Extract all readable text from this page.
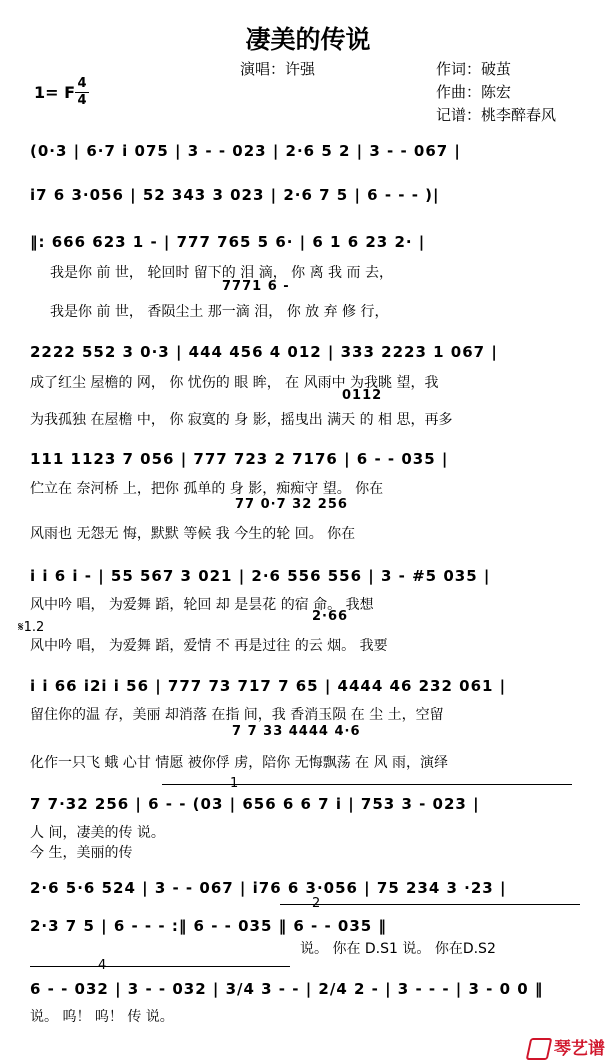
凄美的传说
演唱：许强	作词：破茧
作曲：陈宏
记谱：桃李醉春风
1= F 4
4
(0·3 | 6·7 i 075 | 3 - - 023 | 2·6 5 2 | 3 - - 067 |
i7 6 3·056 | 52 343 3 023 | 2·6 7 5 | 6 - - - )|
‖: 666 623 1 - | 777 765 5 6· | 6 1 6 23 2· |
我是你 前 世， 轮回时 留下的 泪 滴， 你 离 我 而 去，
7771 6 -
我是你 前 世， 香陨尘土 那一滴 泪， 你 放 弃 修 行，
2222 552 3 0·3 | 444 456 4 012 | 333 2223 1 067 |
成了红尘 屋檐的 网， 你 忧伤的 眼 眸， 在 风雨中 为我眺 望，我
0112
为我孤独 在屋檐 中， 你 寂寞的 身 影，摇曳出 满天 的 相 思，再多
111 1123 7 056 | 777 723 2 7176 | 6 - - 035 |
伫立在 奈河桥 上，把你 孤单的 身 影，痴痴守 望。 你在
77 0·7 32 256
风雨也 无怨无 悔，默默 等候 我 今生的轮 回。 你在
i i 6 i - | 55 567 3 021 | 2·6 556 556 | 3 - #5 035 |
风中吟 唱， 为爱舞 蹈，轮回 却 是昙花 的宿 命。 我想
𝄋1.2
2·66
风中吟 唱， 为爱舞 蹈，爱情 不 再是过往 的云 烟。 我要
i i 66 i2i i 56 | 777 73 717 7 65 | 4444 46 232 061 |
留住你的温 存，美丽 却消落 在指 间，我 香消玉陨 在 尘 土，空留
7 7 33 4444 4·6
化作一只飞 蛾 心甘 情愿 被你俘 虏，陪你 无悔飘荡 在 风 雨，演绎
1
7 7·32 256 | 6 - - (03 | 656 6 6 7 i | 753 3 - 023 |
人 间，凄美的传 说。
今 生，美丽的传
2·6 5·6 524 | 3 - - 067 | i76 6 3·056 | 75 234 3 ·23 |
2
2·3 7 5 | 6 - - - :‖ 6 - - 035 ‖ 6 - - 035 ‖
说。 你在 D.S1 说。 你在D.S2
4
6 - - 032 | 3 - - 032 | 3/4 3 - - | 2/4 2 - | 3 - - - | 3 - 0 0 ‖
说。 呜！ 呜！ 传 说。
琴艺谱
